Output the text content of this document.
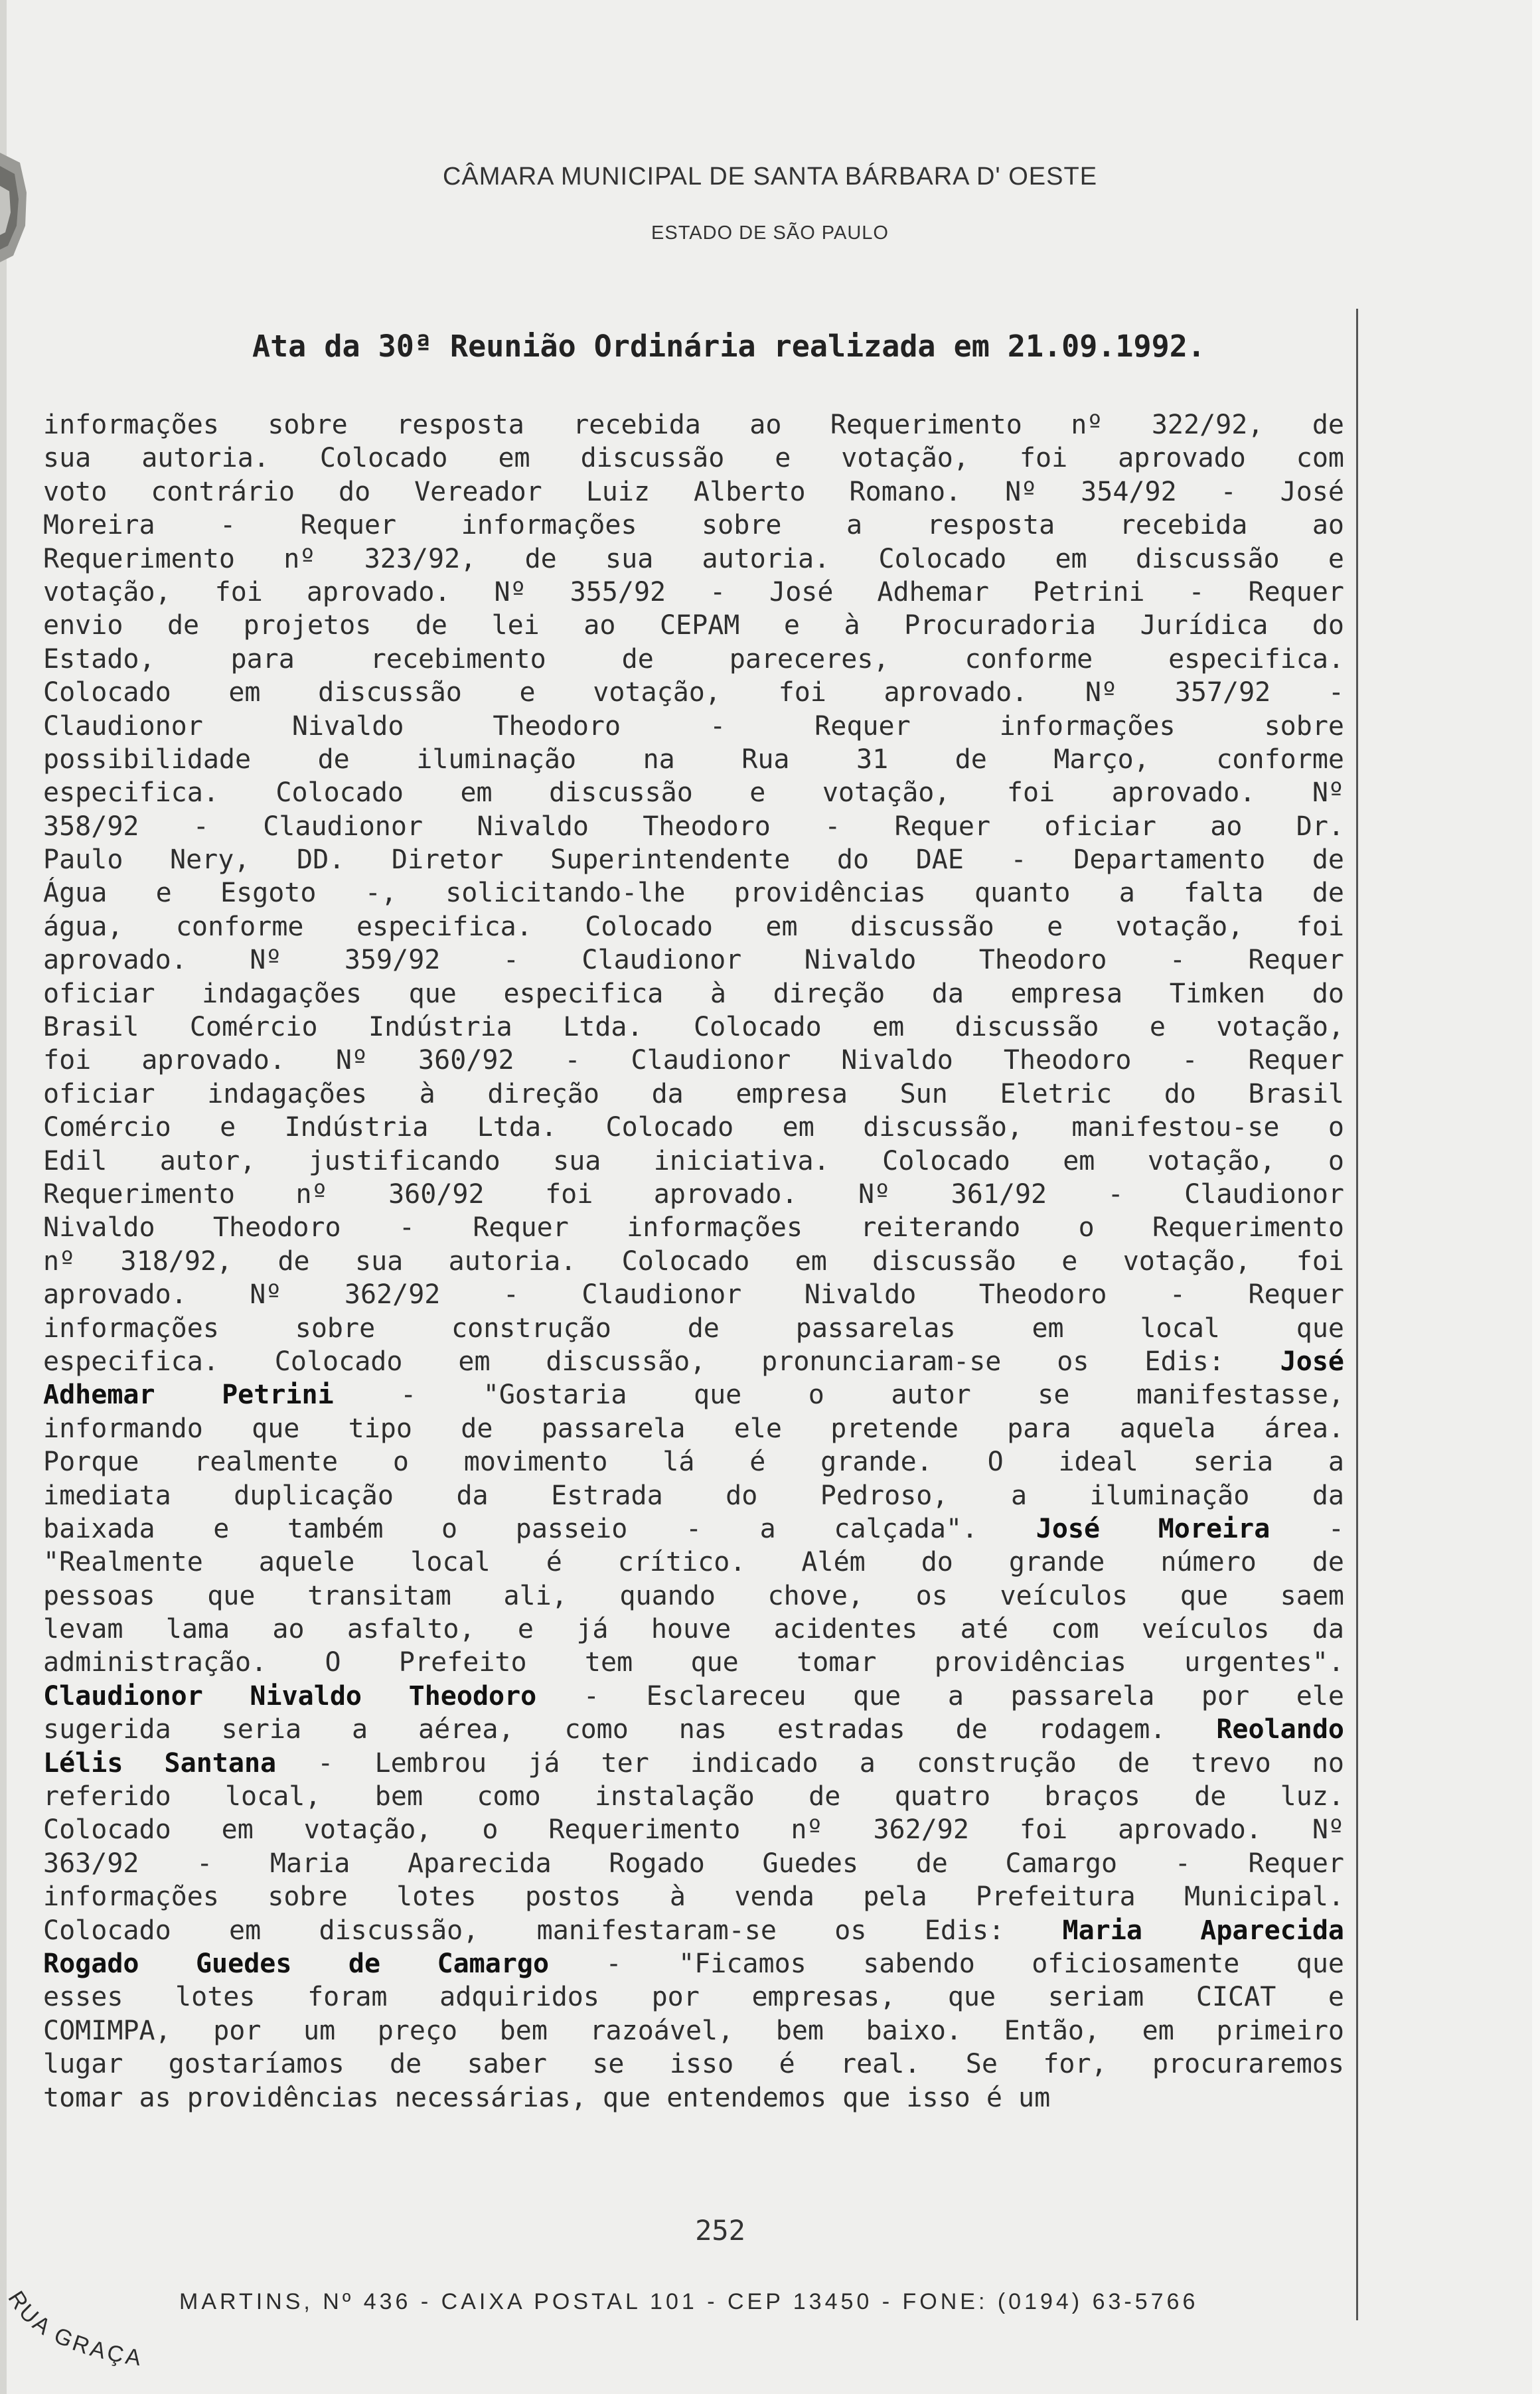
CÂMARA MUNICIPAL DE SANTA BÁRBARA D' OESTE
ESTADO DE SÃO PAULO
Ata da 30ª Reunião Ordinária realizada em 21.09.1992.
informações sobre resposta recebida ao Requerimento nº 322/92, de
sua autoria. Colocado em discussão e votação, foi aprovado com
voto contrário do Vereador Luiz Alberto Romano. Nº 354/92 - José
Moreira - Requer informações sobre a resposta recebida ao
Requerimento nº 323/92, de sua autoria. Colocado em discussão e
votação, foi aprovado. Nº 355/92 - José Adhemar Petrini - Requer
envio de projetos de lei ao CEPAM e à Procuradoria Jurídica do
Estado, para recebimento de pareceres, conforme especifica.
Colocado em discussão e votação, foi aprovado. Nº 357/92 -
Claudionor Nivaldo Theodoro - Requer informações sobre
possibilidade de iluminação na Rua 31 de Março, conforme
especifica. Colocado em discussão e votação, foi aprovado. Nº
358/92 - Claudionor Nivaldo Theodoro - Requer oficiar ao Dr.
Paulo Nery, DD. Diretor Superintendente do DAE - Departamento de
Água e Esgoto -, solicitando-lhe providências quanto a falta de
água, conforme especifica. Colocado em discussão e votação, foi
aprovado. Nº 359/92 - Claudionor Nivaldo Theodoro - Requer
oficiar indagações que especifica à direção da empresa Timken do
Brasil Comércio Indústria Ltda. Colocado em discussão e votação,
foi aprovado. Nº 360/92 - Claudionor Nivaldo Theodoro - Requer
oficiar indagações à direção da empresa Sun Eletric do Brasil
Comércio e Indústria Ltda. Colocado em discussão, manifestou-se o
Edil autor, justificando sua iniciativa. Colocado em votação, o
Requerimento nº 360/92 foi aprovado. Nº 361/92 - Claudionor
Nivaldo Theodoro - Requer informações reiterando o Requerimento
nº 318/92, de sua autoria. Colocado em discussão e votação, foi
aprovado. Nº 362/92 - Claudionor Nivaldo Theodoro - Requer
informações sobre construção de passarelas em local que
especifica. Colocado em discussão, pronunciaram-se os Edis: José
Adhemar Petrini - "Gostaria que o autor se manifestasse,
informando que tipo de passarela ele pretende para aquela área.
Porque realmente o movimento lá é grande. O ideal seria a
imediata duplicação da Estrada do Pedroso, a iluminação da
baixada e também o passeio - a calçada". José Moreira -
"Realmente aquele local é crítico. Além do grande número de
pessoas que transitam ali, quando chove, os veículos que saem
levam lama ao asfalto, e já houve acidentes até com veículos da
administração. O Prefeito tem que tomar providências urgentes".
Claudionor Nivaldo Theodoro - Esclareceu que a passarela por ele
sugerida seria a aérea, como nas estradas de rodagem. Reolando
Lélis Santana - Lembrou já ter indicado a construção de trevo no
referido local, bem como instalação de quatro braços de luz.
Colocado em votação, o Requerimento nº 362/92 foi aprovado. Nº
363/92 - Maria Aparecida Rogado Guedes de Camargo - Requer
informações sobre lotes postos à venda pela Prefeitura Municipal.
Colocado em discussão, manifestaram-se os Edis: Maria Aparecida
Rogado Guedes de Camargo - "Ficamos sabendo oficiosamente que
esses lotes foram adquiridos por empresas, que seriam CICAT e
COMIMPA, por um preço bem razoável, bem baixo. Então, em primeiro
lugar gostaríamos de saber se isso é real. Se for, procuraremos
tomar as providências necessárias, que entendemos que isso é um
252
RUA GRAÇA
MARTINS, Nº 436 - CAIXA POSTAL 101 - CEP 13450 - FONE: (0194) 63-5766
